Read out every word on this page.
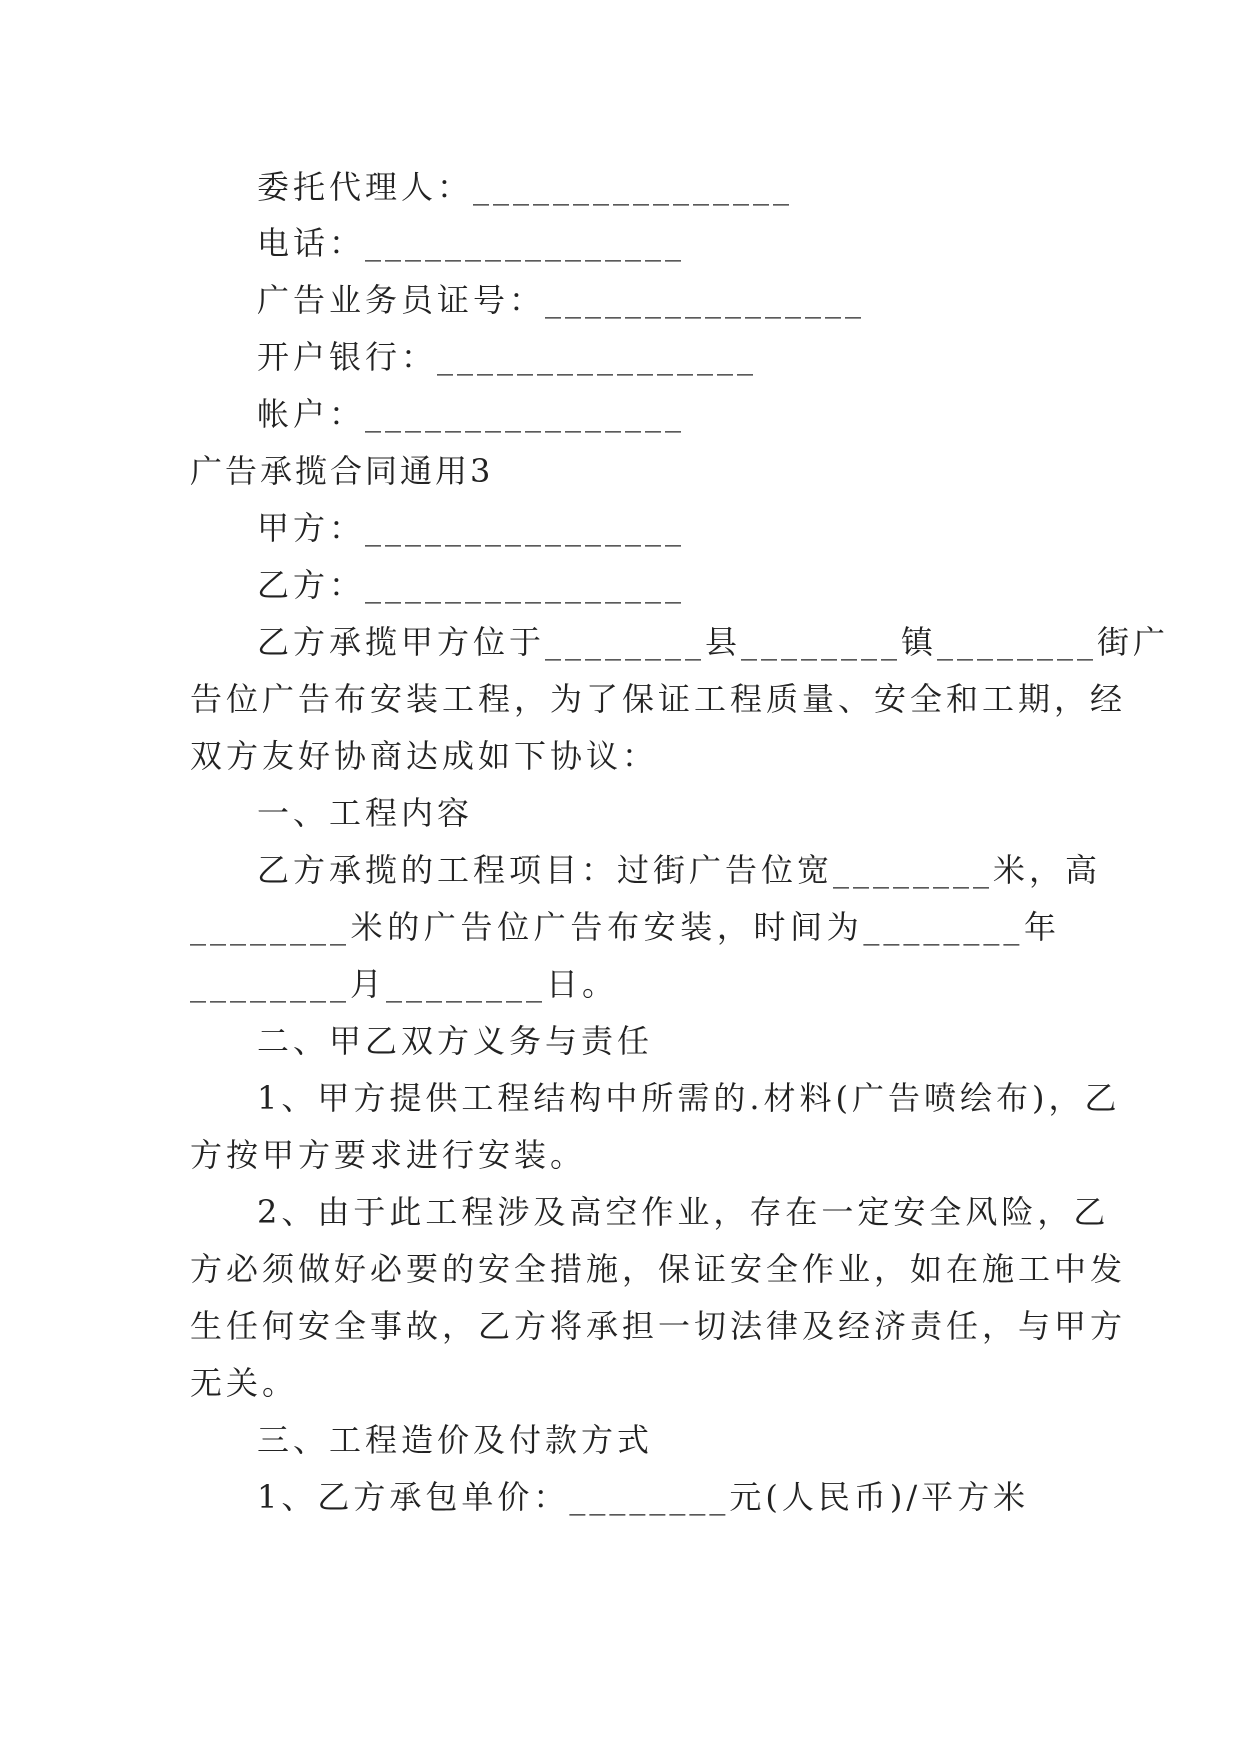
委托代理人：________________
电话：________________
广告业务员证号：________________
开户银行：________________
帐户：________________
广告承揽合同通用3
甲方：________________
乙方：________________
乙方承揽甲方位于________县________镇________街广
告位广告布安装工程，为了保证工程质量、安全和工期，经
双方友好协商达成如下协议：
一、工程内容
乙方承揽的工程项目：过街广告位宽________米，高
________米的广告位广告布安装，时间为________年
________月________日。
二、甲乙双方义务与责任
1、甲方提供工程结构中所需的.材料(广告喷绘布)，乙
方按甲方要求进行安装。
2、由于此工程涉及高空作业，存在一定安全风险，乙
方必须做好必要的安全措施，保证安全作业，如在施工中发
生任何安全事故，乙方将承担一切法律及经济责任，与甲方
无关。
三、工程造价及付款方式
1、乙方承包单价：________元(人民币)/平方米
